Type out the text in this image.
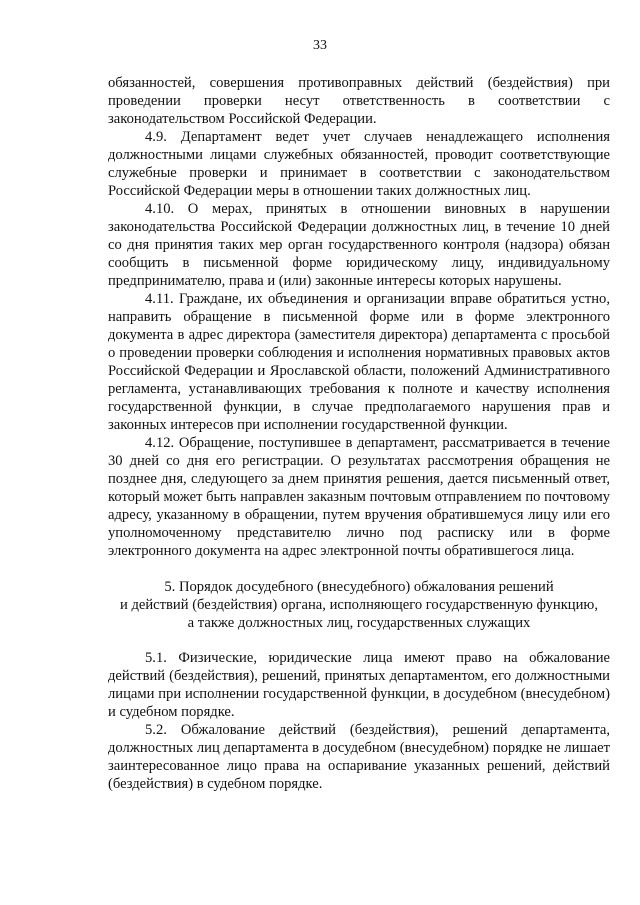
33

обязанностей, совершения противоправных действий (бездействия) при проведении проверки несут ответственность в соответствии с законодательством Российской Федерации.

4.9. Департамент ведет учет случаев ненадлежащего исполнения должностными лицами служебных обязанностей, проводит соответствующие служебные проверки и принимает в соответствии с законодательством Российской Федерации меры в отношении таких должностных лиц.

4.10. О мерах, принятых в отношении виновных в нарушении законодательства Российской Федерации должностных лиц, в течение 10 дней со дня принятия таких мер орган государственного контроля (надзора) обязан сообщить в письменной форме юридическому лицу, индивидуальному предпринимателю, права и (или) законные интересы которых нарушены.

4.11. Граждане, их объединения и организации вправе обратиться устно, направить обращение в письменной форме или в форме электронного документа в адрес директора (заместителя директора) департамента с просьбой о проведении проверки соблюдения и исполнения нормативных правовых актов Российской Федерации и Ярославской области, положений Административного регламента, устанавливающих требования к полноте и качеству исполнения государственной функции, в случае предполагаемого нарушения прав и законных интересов при исполнении государственной функции.

4.12. Обращение, поступившее в департамент, рассматривается в течение 30 дней со дня его регистрации. О результатах рассмотрения обращения не позднее дня, следующего за днем принятия решения, дается письменный ответ, который может быть направлен заказным почтовым отправлением по почтовому адресу, указанному в обращении, путем вручения обратившемуся лицу или его уполномоченному представителю лично под расписку или в форме электронного документа на адрес электронной почты обратившегося лица.

5. Порядок досудебного (внесудебного) обжалования решений
и действий (бездействия) органа, исполняющего государственную функцию,
а также должностных лиц, государственных служащих

5.1. Физические, юридические лица имеют право на обжалование действий (бездействия), решений, принятых департаментом, его должностными лицами при исполнении государственной функции, в досудебном (внесудебном) и судебном порядке.

5.2. Обжалование действий (бездействия), решений департамента, должностных лиц департамента в досудебном (внесудебном) порядке не лишает заинтересованное лицо права на оспаривание указанных решений, действий (бездействия) в судебном порядке.
